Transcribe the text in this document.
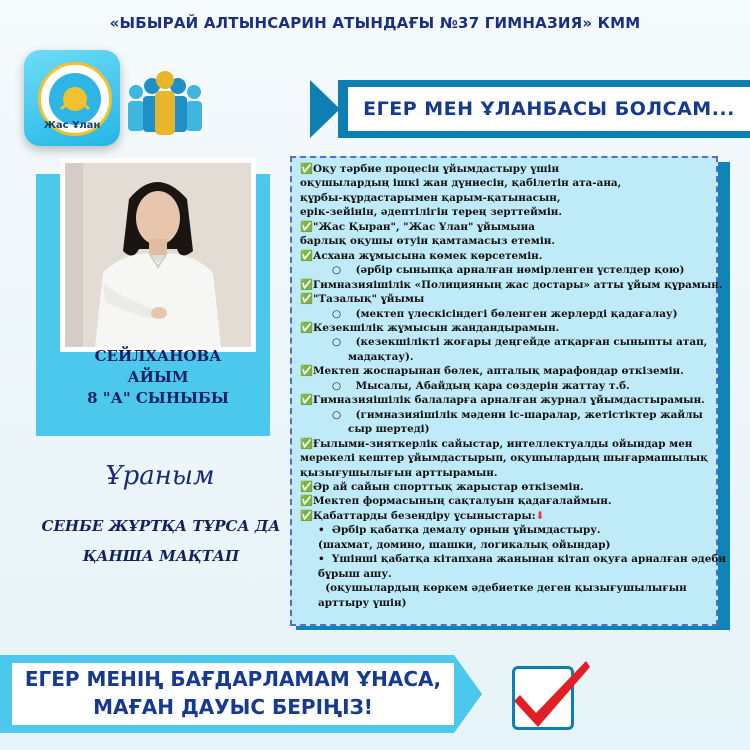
«ЫБЫРАЙ АЛТЫНСАРИН АТЫНДАҒЫ №37 ГИМНАЗИЯ» КММ
Жас Ұлан
ЕГЕР МЕН ҰЛАНБАСЫ БОЛСАМ...
СЕЙЛХАНОВА
АЙЫМ
8 "А" СЫНЫБЫ
Ұраным
СЕНБЕ ЖҰРТҚА ТҰРСА ДА
ҚАНША МАҚТАП
✅Оқу тәрбие процесін ұйымдастыру үшін
оқушылардың ішкі жан дүниесін, қабілетін ата-ана,
құрбы-құрдастарымен қарым-қатынасын,
ерік-зейінін, әдептілігін терең зерттеймін.
✅"Жас Қыран", "Жас Ұлан" ұйымына
барлық оқушы өтуін қамтамасыз етемін.
✅Асхана жұмысына көмек көрсетемін.
○ (әрбір сыныпқа арналған нөмірленген үстелдер қою)
✅Гимназияішілік «Полицияның жас достары» атты ұйым құрамын.
✅"Тазалық" ұйымы
○ (мектеп үлескісіндегі бөленген жерлерді қадағалау)
✅Кезекшілік жұмысын жандандырамын.
○ (кезекшілікті жоғары деңгейде атқарған сыныпты атап,
мадақтау).
✅Мектеп жоспарынан бөлек, апталық марафондар өткіземін.
○ Мысалы, Абайдың қара сөздерін жаттау т.б.
✅Гимназияішілік балаларға арналған журнал ұйымдастырамын.
○ (гимназияішілік мәдени іс-шаралар, жетістіктер жайлы
сыр шертеді)
✅Ғылыми-зияткерлік сайыстар, интеллектуалды ойындар мен
мерекелі кештер ұйымдастырып, оқушылардың шығармашылық
қызығушылығын арттырамын.
✅Әр ай сайын спорттық жарыстар өткіземін.
✅Мектеп формасының сақталуын қадағалаймын.
✅Қабаттарды безендіру ұсыныстары:⬇
• Әрбір қабатқа демалу орнын ұйымдастыру.
(шахмат, домино, шашки, логикалық ойындар)
• Үшінші қабатқа кітапхана жанынан кітап оқуға арналған әдеби
бұрыш ашу.
(оқушылардың көркем әдебиетке деген қызығушылығын
арттыру үшін)
ЕГЕР МЕНІҢ БАҒДАРЛАМАМ ҰНАСА,
МАҒАН ДАУЫС БЕРІҢІЗ!
